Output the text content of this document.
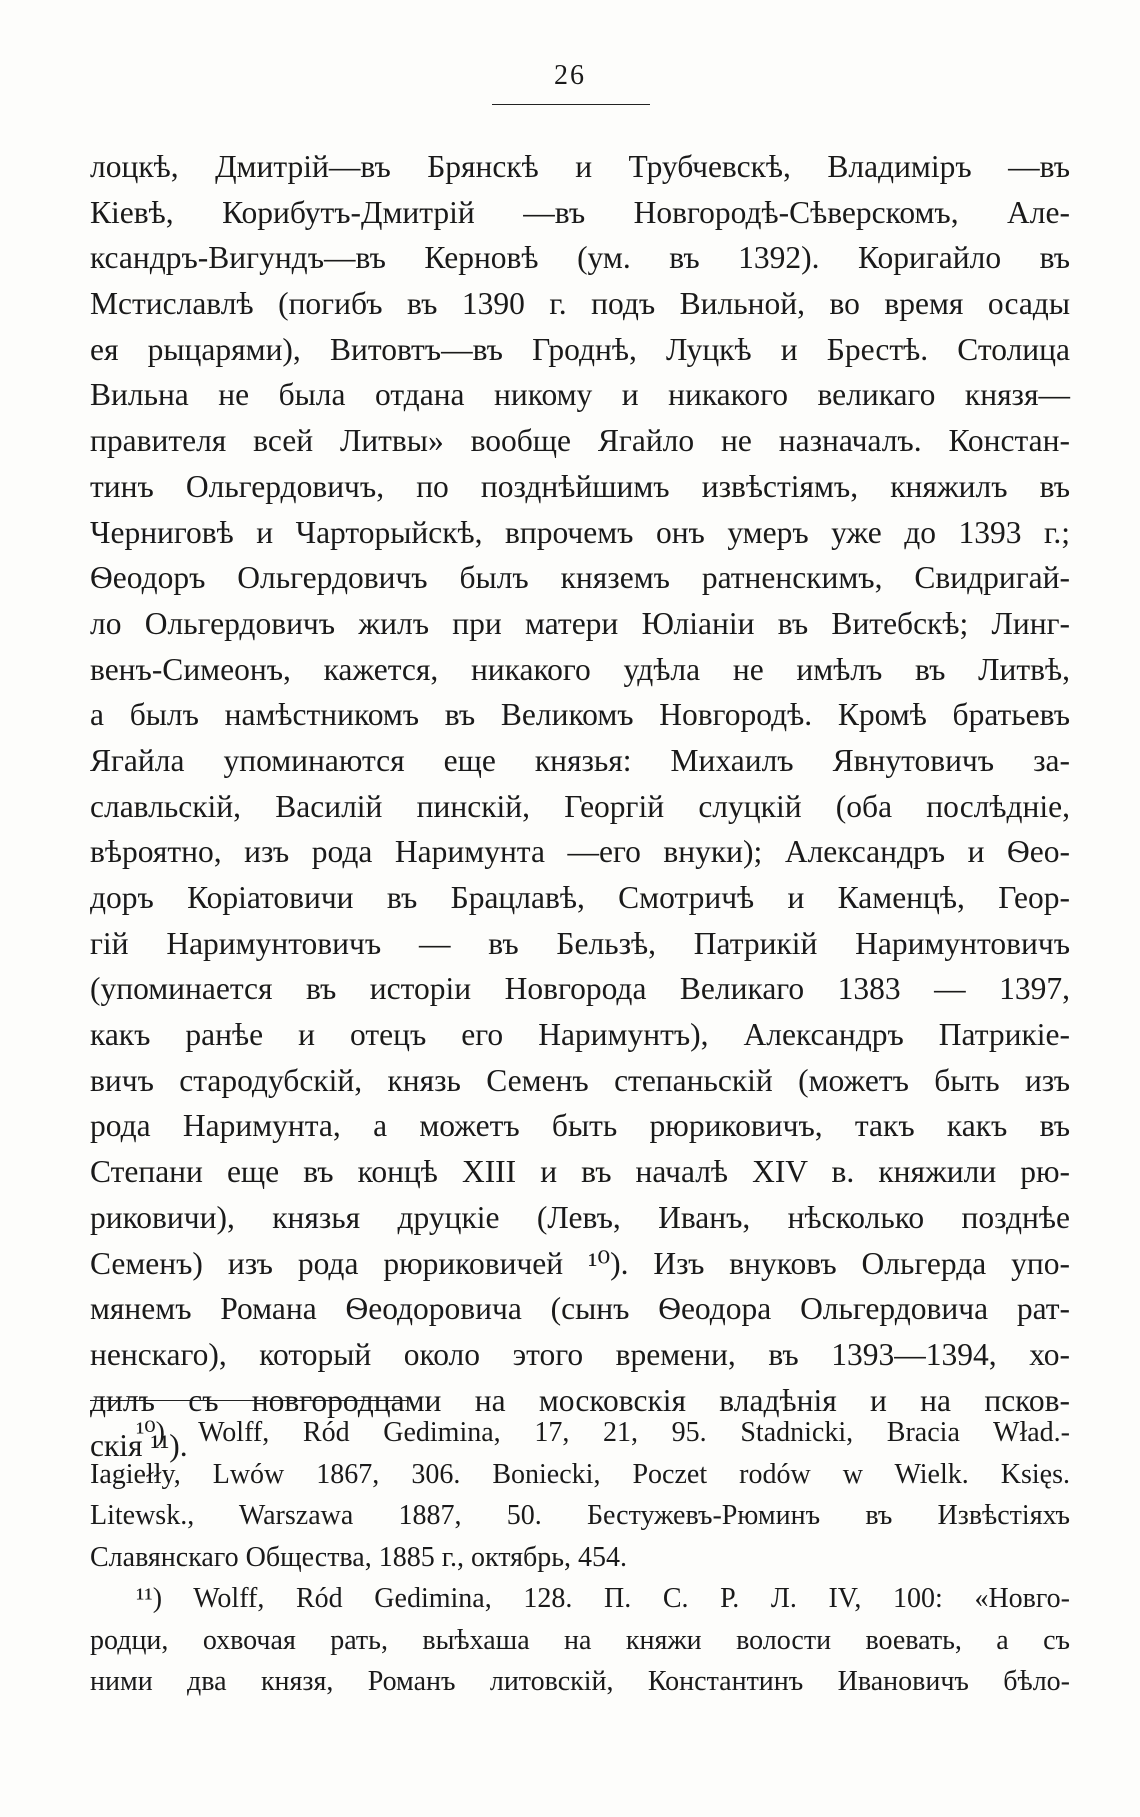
26
лоцкѣ, Дмитрій—въ Брянскѣ и Трубчевскѣ, Владиміръ —въ
Кіевѣ, Корибутъ-Дмитрій —въ Новгородѣ-Сѣверскомъ, Але-
ксандръ-Вигундъ—въ Керновѣ (ум. въ 1392). Коригайло въ
Мстиславлѣ (погибъ въ 1390 г. подъ Вильной, во время осады
ея рыцарями), Витовтъ—въ Гроднѣ, Луцкѣ и Брестѣ. Столица
Вильна не была отдана никому и никакого великаго князя—
правителя всей Литвы» вообще Ягайло не назначалъ. Констан-
тинъ Ольгердовичъ, по позднѣйшимъ извѣстіямъ, княжилъ въ
Черниговѣ и Чарторыйскѣ, впрочемъ онъ умеръ уже до 1393 г.;
Ѳеодоръ Ольгердовичъ былъ княземъ ратненскимъ, Свидригай-
ло Ольгердовичъ жилъ при матери Юліаніи въ Витебскѣ; Линг-
венъ-Симеонъ, кажется, никакого удѣла не имѣлъ въ Литвѣ,
а былъ намѣстникомъ въ Великомъ Новгородѣ. Кромѣ братьевъ
Ягайла упоминаются еще князья: Михаилъ Явнутовичъ за-
славльскій, Василій пинскій, Георгій слуцкій (оба послѣдніе,
вѣроятно, изъ рода Наримунта —его внуки); Александръ и Ѳео-
доръ Коріатовичи въ Брацлавѣ, Смотричѣ и Каменцѣ, Геор-
гій Наримунтовичъ — въ Бельзѣ, Патрикій Наримунтовичъ
(упоминается въ исторіи Новгорода Великаго 1383 — 1397,
какъ ранѣе и отецъ его Наримунтъ), Александръ Патрикіе-
вичъ стародубскій, князь Семенъ степаньскій (можетъ быть изъ
рода Наримунта, а можетъ быть рюриковичъ, такъ какъ въ
Степани еще въ концѣ XIII и въ началѣ XIV в. княжили рю-
риковичи), князья друцкіе (Левъ, Иванъ, нѣсколько позднѣе
Семенъ) изъ рода рюриковичей ¹⁰). Изъ внуковъ Ольгерда упо-
мянемъ Романа Ѳеодоровича (сынъ Ѳеодора Ольгердовича рат-
ненскаго), который около этого времени, въ 1393—1394, хо-
дилъ съ новгородцами на московскія владѣнія и на псков-
скія ¹¹).
¹⁰) Wolff, Ród Gedimina, 17, 21, 95. Stadnicki, Bracia Wład.-
Iagiełły, Lwów 1867, 306. Boniecki, Poczet rodów w Wielk. Księs.
Litewsk., Warszawa 1887, 50. Бестужевъ-Рюминъ въ Извѣстіяхъ
Славянскаго Общества, 1885 г., октябрь, 454.
¹¹) Wolff, Ród Gedimina, 128. П. С. Р. Л. IV, 100: «Новго-
родци, охвочая рать, выѣхаша на княжи волости воевать, а съ
ними два князя, Романъ литовскій, Константинъ Ивановичъ бѣло-
